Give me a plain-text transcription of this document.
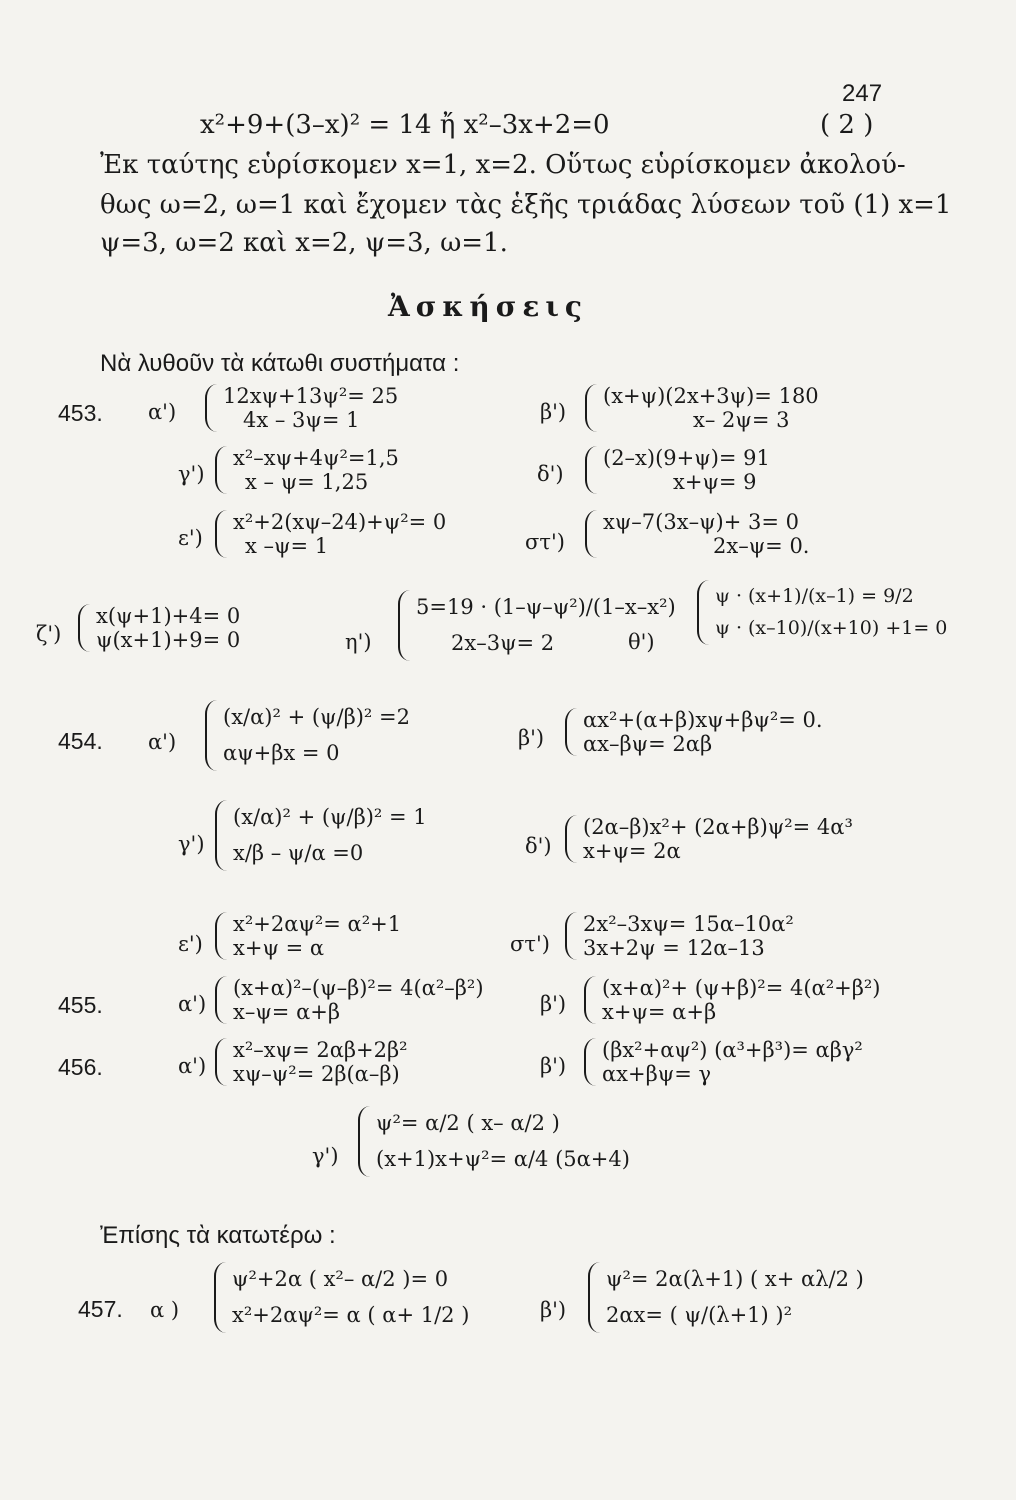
247
x²+9+(3–x)² = 14 ἤ x²–3x+2=0	( 2 )
Ἐκ ταύτης εὑρίσκομεν x=1, x=2. Οὕτως εὑρίσκομεν ἀκολού-
θως ω=2, ω=1 καὶ ἔχομεν τὰς ἑξῆς τριάδας λύσεων τοῦ (1) x=1
ψ=3, ω=2 καὶ x=2, ψ=3, ω=1.
Ἀσκήσεις
Νὰ λυθοῦν τὰ κάτωθι συστήματα :
453. α')
12xψ+13ψ²= 25
4x – 3ψ= 1	β')
(x+ψ)(2x+3ψ)= 180
x– 2ψ= 3
γ')
x²–xψ+4ψ²=1,5
x – ψ= 1,25	δ')
(2–x)(9+ψ)= 91
x+ψ= 9
ε')
x²+2(xψ–24)+ψ²= 0
x –ψ= 1	στ')
xψ–7(3x–ψ)+ 3= 0
2x–ψ= 0.
ζ')
x(ψ+1)+4= 0
ψ(x+1)+9= 0	η')
5=19 · (1–ψ–ψ²)/(1–x–x²)
2x–3ψ= 2	θ')
ψ · (x+1)/(x–1) = 9/2
ψ · (x–10)/(x+10) +1= 0
454. α')
(x/α)² + (ψ/β)² =2
αψ+βx = 0
β')
αx²+(α+β)xψ+βψ²= 0.
αx–βψ= 2αβ
γ')
(x/α)² + (ψ/β)² = 1
x/β – ψ/α =0	δ')
(2α–β)x²+ (2α+β)ψ²= 4α³
x+ψ= 2α
ε')
x²+2αψ²= α²+1
x+ψ = α	στ')
2x²–3xψ= 15α–10α²
3x+2ψ = 12α–13
455.	α')
(x+α)²–(ψ–β)²= 4(α²–β²)
x–ψ= α+β	β')
(x+α)²+ (ψ+β)²= 4(α²+β²)
x+ψ= α+β
456.	α')
x²–xψ= 2αβ+2β²
xψ–ψ²= 2β(α–β)	β')
(βx²+αψ²) (α³+β³)= αβγ²
αx+βψ= γ
γ')
ψ²= α/2 ( x– α/2 )
(x+1)x+ψ²= α/4 (5α+4)
Ἐπίσης τὰ κατωτέρω :
457. α )
ψ²+2α ( x²– α/2 )= 0
x²+2αψ²= α ( α+ 1/2 )	β')
ψ²= 2α(λ+1) ( x+ αλ/2 )
2αx= ( ψ/(λ+1) )²
